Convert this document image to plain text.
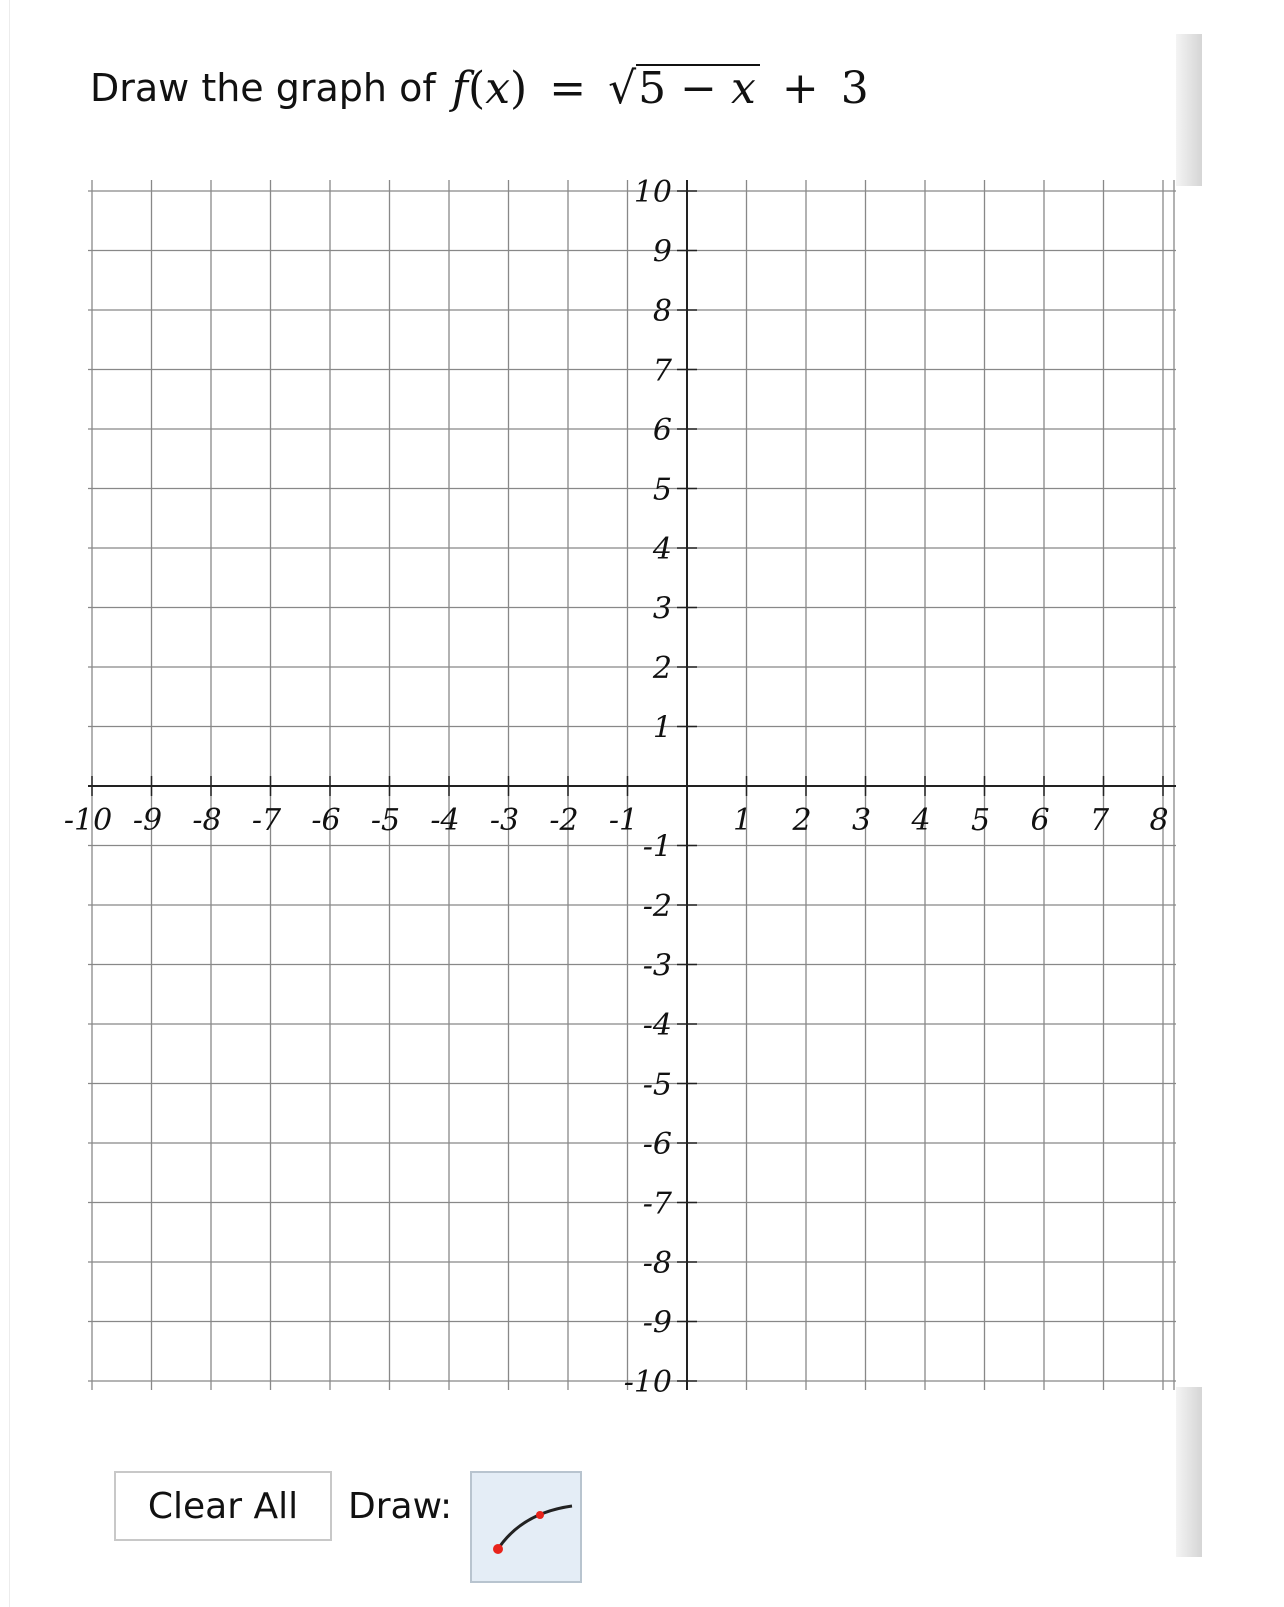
Draw the graph of f ( x ) = √ 5 − x + 3
-10 -9 -8 -7 -6 -5 -4 -3 -2 -1	1 2 3 4 5 6 7 8
10
9
8
7
6
5
4
3
2
1
-1
-2
-3
-4
-5
-6
-7
-8
-9
-10
Clear All	Draw:
